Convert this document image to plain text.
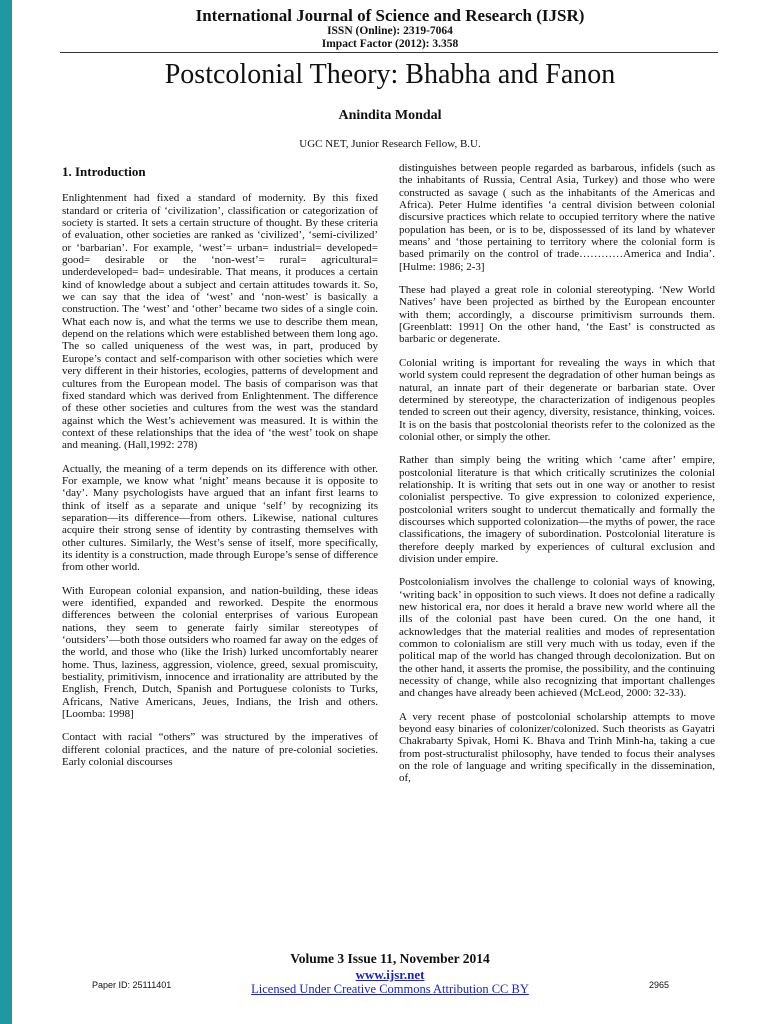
International Journal of Science and Research (IJSR)
ISSN (Online): 2319-7064
Impact Factor (2012): 3.358
Postcolonial Theory: Bhabha and Fanon
Anindita Mondal
UGC NET, Junior Research Fellow, B.U.
1. Introduction

Enlightenment had fixed a standard of modernity. By this fixed standard or criteria of ‘civilization’, classification or categorization of society is started. It sets a certain structure of thought. By these criteria of evaluation, other societies are ranked as ‘civilized’, ‘semi-civilized’ or ‘barbarian’. For example, ‘west’= urban= industrial= developed= good= desirable or the ‘non-west’= rural= agricultural= underdeveloped= bad= undesirable. That means, it produces a certain kind of knowledge about a subject and certain attitudes towards it. So, we can say that the idea of ‘west’ and ‘non-west’ is basically a construction. The ‘west’ and ‘other’ became two sides of a single coin. What each now is, and what the terms we use to describe them mean, depend on the relations which were established between them long ago. The so called uniqueness of the west was, in part, produced by Europe’s contact and self-comparison with other societies which were very different in their histories, ecologies, patterns of development and cultures from the European model. The basis of comparison was that fixed standard which was derived from Enlightenment. The difference of these other societies and cultures from the west was the standard against which the West’s achievement was measured. It is within the context of these relationships that the idea of ‘the west’ took on shape and meaning. (Hall,1992: 278)

Actually, the meaning of a term depends on its difference with other. For example, we know what ‘night’ means because it is opposite to ‘day’. Many psychologists have argued that an infant first learns to think of itself as a separate and unique ‘self’ by recognizing its separation—its difference—from others. Likewise, national cultures acquire their strong sense of identity by contrasting themselves with other cultures. Similarly, the West’s sense of itself, more specifically, its identity is a construction, made through Europe’s sense of difference from other world.

With European colonial expansion, and nation-building, these ideas were identified, expanded and reworked. Despite the enormous differences between the colonial enterprises of various European nations, they seem to generate fairly similar stereotypes of ‘outsiders’—both those outsiders who roamed far away on the edges of the world, and those who (like the Irish) lurked uncomfortably nearer home. Thus, laziness, aggression, violence, greed, sexual promiscuity, bestiality, primitivism, innocence and irrationality are attributed by the English, French, Dutch, Spanish and Portuguese colonists to Turks, Africans, Native Americans, Jeues, Indians, the Irish and others. [Loomba: 1998]

Contact with racial “others” was structured by the imperatives of different colonial practices, and the nature of pre-colonial societies. Early colonial discourses

distinguishes between people regarded as barbarous, infidels (such as the inhabitants of Russia, Central Asia, Turkey) and those who were constructed as savage ( such as the inhabitants of the Americas and Africa). Peter Hulme identifies ‘a central division between colonial discursive practices which relate to occupied territory where the native population has been, or is to be, dispossessed of its land by whatever means’ and ‘those pertaining to territory where the colonial form is based primarily on the control of trade…………America and India’. [Hulme: 1986; 2-3]

These had played a great role in colonial stereotyping. ‘New World Natives’ have been projected as birthed by the European encounter with them; accordingly, a discourse primitivism surrounds them. [Greenblatt: 1991] On the other hand, ‘the East’ is constructed as barbaric or degenerate.

Colonial writing is important for revealing the ways in which that world system could represent the degradation of other human beings as natural, an innate part of their degenerate or barbarian state. Over determined by stereotype, the characterization of indigenous peoples tended to screen out their agency, diversity, resistance, thinking, voices. It is on the basis that postcolonial theorists refer to the colonized as the colonial other, or simply the other.

Rather than simply being the writing which ‘came after’ empire, postcolonial literature is that which critically scrutinizes the colonial relationship. It is writing that sets out in one way or another to resist colonialist perspective. To give expression to colonized experience, postcolonial writers sought to undercut thematically and formally the discourses which supported colonization—the myths of power, the race classifications, the imagery of subordination. Postcolonial literature is therefore deeply marked by experiences of cultural exclusion and division under empire.

Postcolonialism involves the challenge to colonial ways of knowing, ‘writing back’ in opposition to such views. It does not define a radically new historical era, nor does it herald a brave new world where all the ills of the colonial past have been cured. On the one hand, it acknowledges that the material realities and modes of representation common to colonialism are still very much with us today, even if the political map of the world has changed through decolonization. But on the other hand, it asserts the promise, the possibility, and the continuing necessity of change, while also recognizing that important challenges and changes have already been achieved (McLeod, 2000: 32-33).

A very recent phase of postcolonial scholarship attempts to move beyond easy binaries of colonizer/colonized. Such theorists as Gayatri Chakrabarty Spivak, Homi K. Bhava and Trinh Minh-ha, taking a cue from post-structuralist philosophy, have tended to focus their analyses on the role of language and writing specifically in the dissemination, of,

Volume 3 Issue 11, November 2014
www.ijsr.net
Licensed Under Creative Commons Attribution CC BY
Paper ID: 25111401	2965
